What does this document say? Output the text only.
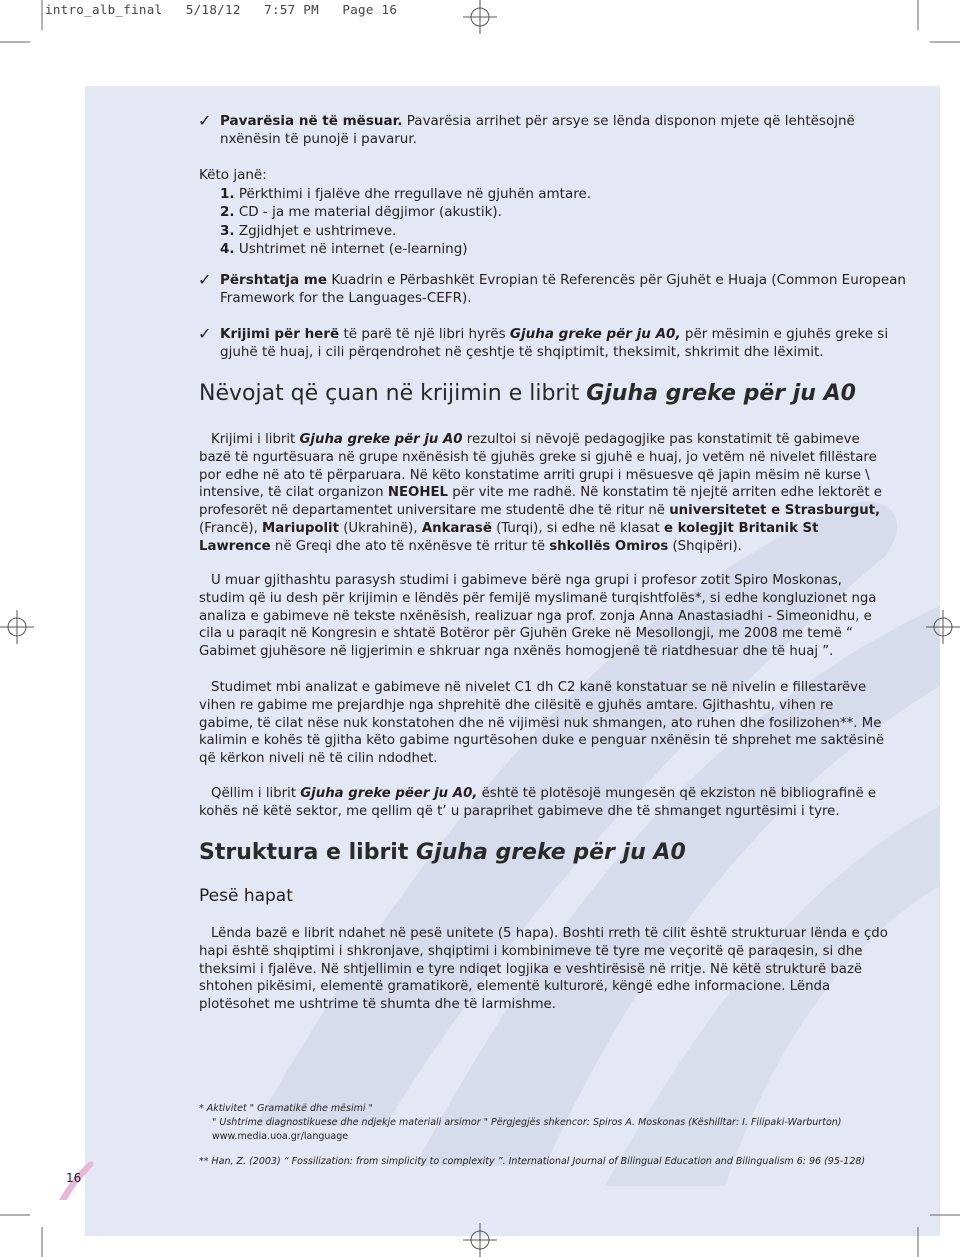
intro_alb_final   5/18/12   7:57 PM   Page 16
✓ Pavarësia në të mësuar. Pavarësia arrihet për arsye se lënda disponon mjete që lehtësojnë nxënësin të punojë i pavarur.

Këto janë:
1. Përkthimi i fjalëve dhe rregullave në gjuhën amtare.
2. CD - ja me material dëgjimor (akustik).
3. Zgjidhjet e ushtrimeve.
4. Ushtrimet në internet (e-learning)
✓ Përshtatja me Kuadrin e Përbashkët Evropian të Referencës për Gjuhët e Huaja (Common European Framework for the Languages-CEFR).

✓ Krijimi për herë të parë të një libri hyrës Gjuha greke për ju A0, për mësimin e gjuhës greke si gjuhë të huaj, i cili përqendrohet në çeshtje të shqiptimit, theksimit, shkrimit dhe lëximit.

Nëvojat që çuan në krijimin e librit Gjuha greke për ju A0

Krijimi i librit Gjuha greke për ju A0 rezultoi si nëvojë pedagogjike pas konstatimit të gabimeve bazë të ngurtësuara në grupe nxënësish të gjuhës greke si gjuhë e huaj, jo vetëm në nivelet fillëstare por edhe në ato të përparuara. Në këto konstatime arriti grupi i mësuesve që japin mësim në kurse \ intensive, të cilat organizon NEOHEL për vite me radhë. Në konstatim të njejtë arriten edhe lektorët e profesorët në departamentet universitare me studentë dhe të ritur në universitetet e Strasburgut, (Francë), Mariupolit (Ukrahinë), Ankarasë (Turqi), si edhe në klasat e kolegjit Britanik St Lawrence në Greqi dhe ato të nxënësve të rritur të shkollës Omiros (Shqipëri).

U muar gjithashtu parasysh studimi i gabimeve bërë nga grupi i profesor zotit Spiro Moskonas, studim që iu desh për krijimin e lëndës për femijë myslimanë turqishtfolës*, si edhe kongluzionet nga analiza e gabimeve në tekste nxënësish, realizuar nga prof. zonja Anna Anastasiadhi - Simeonidhu, e cila u paraqit në Kongresin e shtatë Botëror për Gjuhën Greke në Mesollongji, me 2008 me temë “ Gabimet gjuhësore në ligjerimin e shkruar nga nxënës homogjenë të riatdhesuar dhe të huaj ”.

Studimet mbi analizat e gabimeve në nivelet C1 dh C2 kanë konstatuar se në nivelin e fillestarëve vihen re gabime me prejardhje nga shprehitë dhe cilësitë e gjuhës amtare. Gjithashtu, vihen re gabime, të cilat nëse nuk konstatohen dhe në vijimësi nuk shmangen, ato ruhen dhe fosilizohen**. Me kalimin e kohës të gjitha këto gabime ngurtësohen duke e penguar nxënësin të shprehet me saktësinë që kërkon niveli në të cilin ndodhet.

Qëllim i librit Gjuha greke pëer ju A0, është të plotësojë mungesën që ekziston në bibliografinë e kohës në këtë sektor, me qellim që t’ u paraprihet gabimeve dhe të shmanget ngurtësimi i tyre.

Struktura e librit Gjuha greke për ju A0
Pesë hapat

Lënda bazë e librit ndahet në pesë unitete (5 hapa). Boshti rreth të cilit është strukturuar lënda e çdo hapi është shqiptimi i shkronjave, shqiptimi i kombinimeve të tyre me veçoritë që paraqesin, si dhe theksimi i fjalëve. Në shtjellimin e tyre ndiqet logjika e veshtirësisë në rritje. Në këtë strukturë bazë shtohen pikësimi, elementë gramatikorë, elementë kulturorë, këngë edhe informacione. Lënda plotësohet me ushtrime të shumta dhe të larmishme.

* Aktivitet " Gramatikë dhe mësimi "

" Ushtrime diagnostikuese dhe ndjekje materiali arsimor " Përgjegjës shkencor: Spiros A. Moskonas (Këshilltar: I. Filipaki-Warburton)

www.media.uoa.gr/language

** Han, Z. (2003) “ Fossilization: from simplicity to complexity ”. International Journal of Bilingual Education and Bilingualism 6: 96 (95-128)

16
